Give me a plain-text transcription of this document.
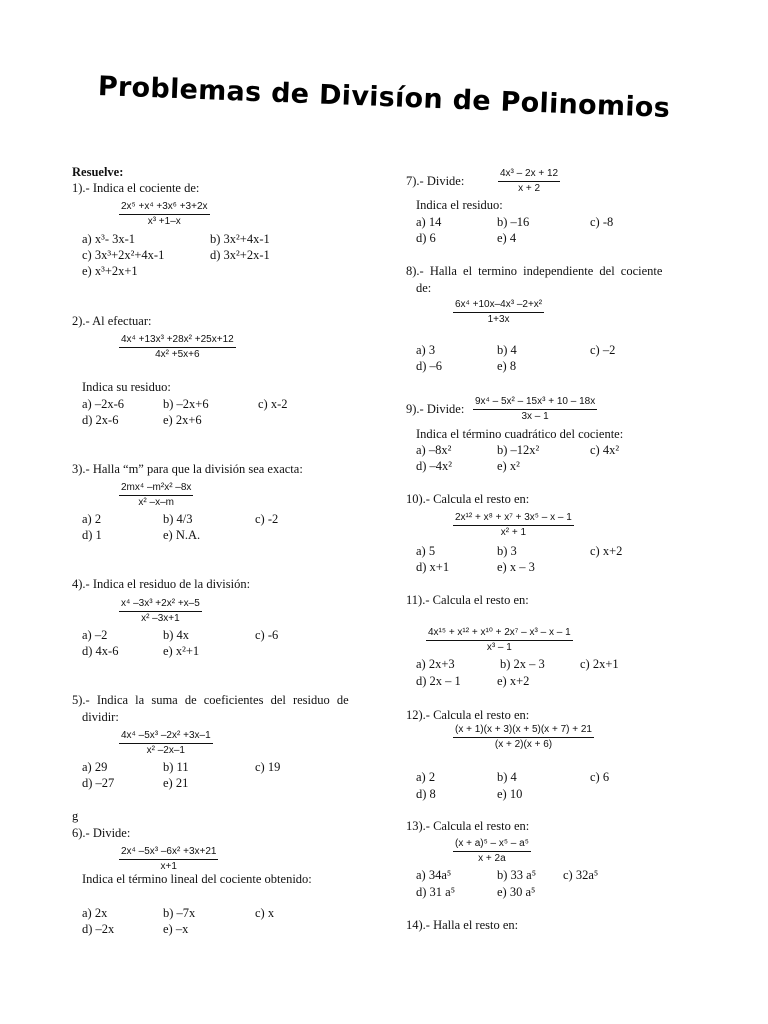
Problemas de Divisíon de Polinomios
Resuelve:
1).- Indica el cociente de:
$\frac{\text{2x⁵ +x⁴ +3x⁶ +3+2x}}{\text{x³ +1–x}}$
a) x³- 3x-1	b) 3x²+4x-1
c) 3x³+2x²+4x-1	d) 3x²+2x-1
e) x³+2x+1
2).- Al efectuar:
$\frac{\text{4x⁴ +13x³ +28x² +25x+12}}{\text{4x² +5x+6}}$
Indica su residuo:
a) –2x-6	b) –2x+6	c) x-2
d) 2x-6	e) 2x+6
3).- Halla “m” para que la división sea exacta:
$\frac{\text{2mx⁴ –m²x² –8x}}{\text{x² –x–m}}$
a) 2	b) 4/3	c) -2
d) 1	e) N.A.
4).- Indica el residuo de la división:
$\frac{\text{x⁴ –3x³ +2x² +x–5}}{\text{x² –3x+1}}$
a) –2	b) 4x	c) -6
d) 4x-6	e) x²+1
5).- Indica la suma de coeficientes del residuo de
dividir:
$\frac{\text{4x⁴ –5x³ –2x² +3x–1}}{\text{x² –2x–1}}$
a) 29	b) 11	c) 19
d) –27	e) 21
g
6).- Divide:
$\frac{\text{2x⁴ –5x³ –6x² +3x+21}}{x+1}$
Indica el término lineal del cociente obtenido:
a) 2x	b) –7x	c) x
d) –2x	e) –x
7).- Divide:	$\frac{\text{4x³ – 2x + 12}}{x + 2}$
Indica el residuo:
a) 14	b) –16	c) -8
d) 6	e) 4
8).- Halla el termino independiente del cociente
de:
$\frac{\text{6x⁴ +10x–4x³ –2+x²}}{1+3x}$
a) 3	b) 4	c) –2
d) –6	e) 8
9).- Divide: $\frac{\text{9x⁴ – 5x² – 15x³ + 10 – 18x}}{3x - 1}$
Indica el término cuadrático del cociente:
a) –8x²	b) –12x²	c) 4x²
d) –4x²	e) x²
10).- Calcula el resto en:
$\frac{\text{2x¹² + x⁸ + x⁷ + 3x⁵ – x – 1}}{\text{x² + 1}}$
a) 5	b) 3	c) x+2
d) x+1	e) x – 3
11).- Calcula el resto en:
$\frac{\text{4x¹⁵ + x¹² + x¹⁰ + 2x⁷ – x³ – x – 1}}{\text{x³ – 1}}$
a) 2x+3	b) 2x – 3	c) 2x+1
d) 2x – 1	e) x+2
12).- Calcula el resto en:
$\frac{(x + 1)(x + 3)(x + 5)(x + 7) + 21}{(x + 2)(x + 6)}$
a) 2	b) 4	c) 6
d) 8	e) 10
13).- Calcula el resto en:
$\frac{\text{(x + a)⁵ – x⁵ – a⁵}}{x + 2a}$
a) 34a⁵	b) 33 a⁵ c) 32a⁵
d) 31 a⁵	e) 30 a⁵
14).- Halla el resto en:
